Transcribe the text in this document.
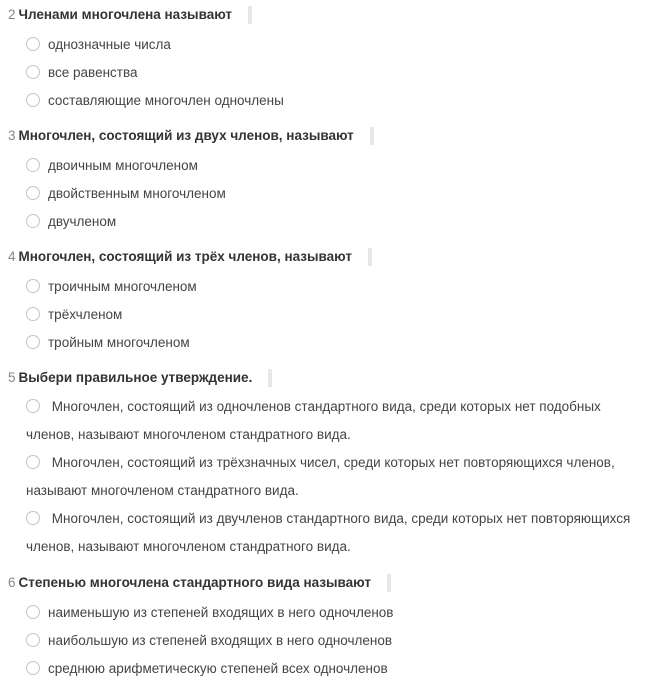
2 Членами многочлена называют
однозначные числа
все равенства
составляющие многочлен одночлены
3 Многочлен, состоящий из двух членов, называют
двоичным многочленом
двойственным многочленом
двучленом
4 Многочлен, состоящий из трёх членов, называют
троичным многочленом
трёхчленом
тройным многочленом
5 Выбери правильное утверждение.
Многочлен, состоящий из одночленов стандартного вида, среди которых нет подобных членов, называют многочленом стандратного вида.
Многочлен, состоящий из трёхзначных чисел, среди которых нет повторяющихся членов, называют многочленом стандратного вида.
Многочлен, состоящий из двучленов стандартного вида, среди которых нет повторяющихся членов, называют многочленом стандратного вида.
6 Степенью многочлена стандартного вида называют
наименьшую из степеней входящих в него одночленов
наибольшую из степеней входящих в него одночленов
среднюю арифметическую степеней всех одночленов
